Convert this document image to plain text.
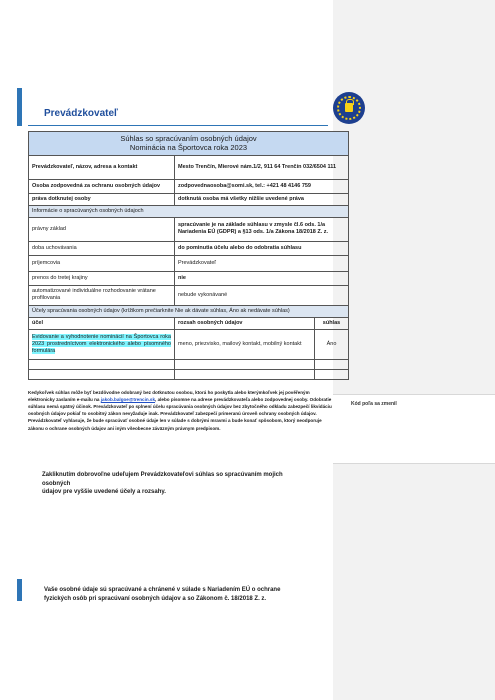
Kód poľa sa zmenil
Prevádzkovateľ
Súhlas so spracúvaním osobných údajov
Nominácia na Športovca roka 2023		

Prevádzkovateľ, názov, adresa a kontakt	Mesto Trenčín, Mierové nám.1/2, 911 64 Trenčín 032/6504 111	
Osoba zodpovedná za ochranu osobných údajov	zodpovednaosoba@somi.sk, tel.: +421 48 4146 759	
práva dotknutej osoby	dotknutá osoba má všetky nižšie uvedené práva	
Informácie o spracúvaných osobných údajoch		
právny základ	spracúvanie je na základe súhlasu v zmysle čl.6 ods. 1/a Nariadenia EÚ (GDPR) a §13 ods. 1/a Zákona 18/2018 Z. z.	
doba uchovávania	do pominutia účelu alebo do odobratia súhlasu	
príjemcovia	Prevádzkovateľ	
prenos do tretej krajiny	nie	
automatizované individuálne rozhodovanie vrátane profilovania	nebude vykonávané	
Účely spracúvania osobných údajov (krížikom prečiarknite Nie ak dávate súhlas, Áno ak nedávate súhlas)		
účel	rozsah osobných údajov	súhlas
Evidovanie a vyhodnotenie nominácií na Športovca roka 2023 prostredníctvom elektronického alebo písomného formulára	meno, priezvisko, mailový kontakt, mobilný kontakt	Áno

Kedykoľvek súhlas môže byť bezdôvodne odobraný bez dotknutou osobou, ktorá ho poskytla alebo kterýmkoľvek jej pověřeným elektronicky zaslaním e-mailu na jakob.balgoe@trencin.sk, alebo písomne na adrese prevádzkovateľa alebo zodpovednej osoby. Odobratie súhlasu nemá spätný účinok. Prevádzkovateľ po splnení účelu spracúvania osobných údajov bez zbytočného odkladu zabezpečí likvidáciu osobných údajov pokiaľ to osobitný zákon nevyžaduje inak. Prevádzkovateľ zabezpečí primeranú úroveň ochrany osobných údajov. Prevádzkovateľ vyhlasuje, že bude spracúvať osobné údaje len v súlade s dobrými mravmi a bude konať spôsobom, ktorý neodporuje zákonu o ochrane osobných údajov ani iným všeobecne záväzným právnym predpisom.
Zakliknutím dobrovoľne udeľujem Prevádzkovateľovi súhlas so spracúvaním mojich osobných
údajov pre vyššie uvedené účely a rozsahy.
Vaše osobné údaje sú spracúvané a chránené v súlade s Nariadením EÚ o ochrane
fyzických osôb pri spracúvaní osobných údajov a so Zákonom č. 18/2018 Z. z.
